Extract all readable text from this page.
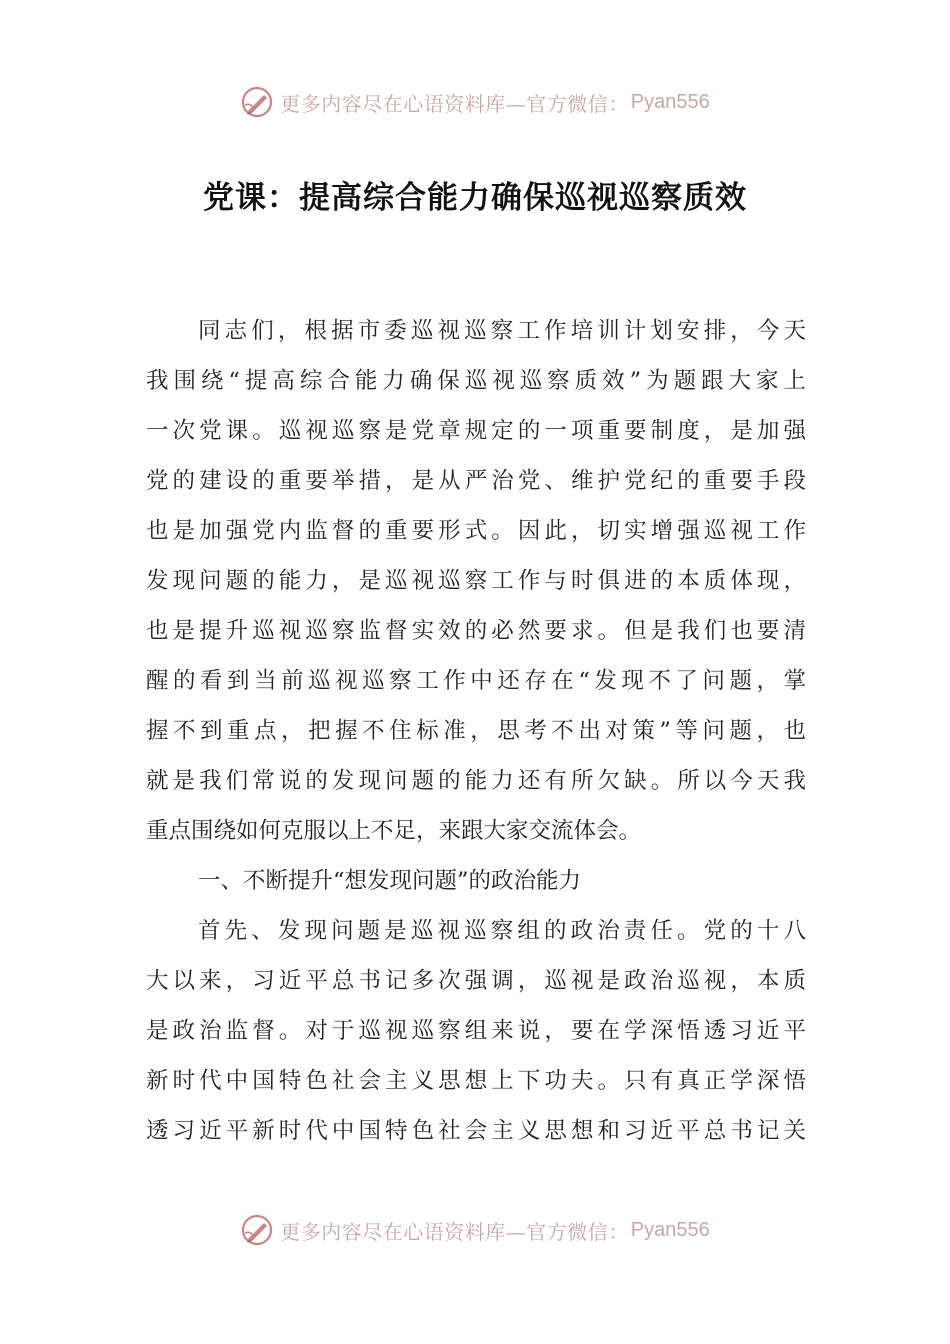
更多内容尽在心语资料库—官方微信： Pyan556
党课：提高综合能力确保巡视巡察质效
同志们，根据市委巡视巡察工作培训计划安排，今天
我围绕“提高综合能力确保巡视巡察质效”为题跟大家上
一次党课。巡视巡察是党章规定的一项重要制度，是加强
党的建设的重要举措，是从严治党、维护党纪的重要手段
也是加强党内监督的重要形式。因此，切实增强巡视工作
发现问题的能力，是巡视巡察工作与时俱进的本质体现，
也是提升巡视巡察监督实效的必然要求。但是我们也要清
醒的看到当前巡视巡察工作中还存在“发现不了问题，掌
握不到重点，把握不住标准，思考不出对策”等问题，也
就是我们常说的发现问题的能力还有所欠缺。所以今天我
重点围绕如何克服以上不足，来跟大家交流体会。
一、不断提升“想发现问题”的政治能力
首先、发现问题是巡视巡察组的政治责任。党的十八
大以来，习近平总书记多次强调，巡视是政治巡视，本质
是政治监督。对于巡视巡察组来说，要在学深悟透习近平
新时代中国特色社会主义思想上下功夫。只有真正学深悟
透习近平新时代中国特色社会主义思想和习近平总书记关
更多内容尽在心语资料库—官方微信： Pyan556
